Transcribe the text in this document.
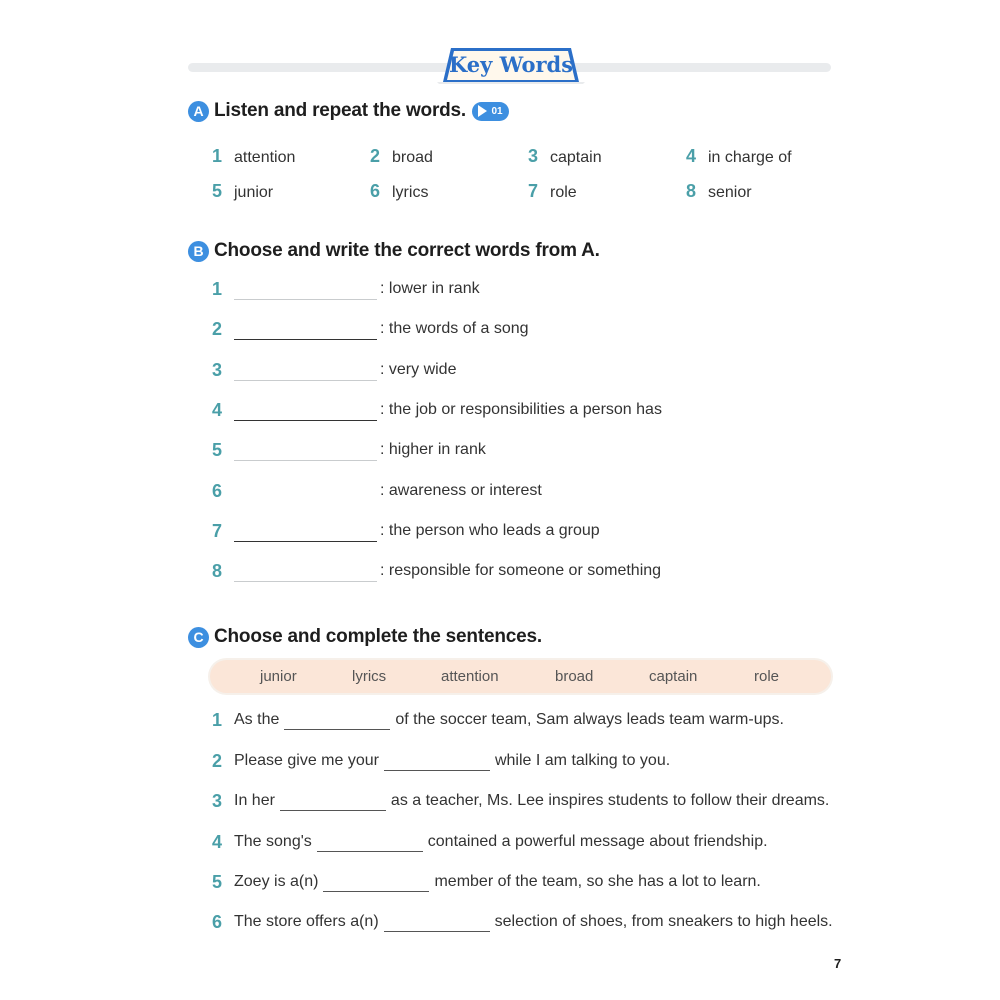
Key Words
A Listen and repeat the words.	01
1 attention	2 broad	3 captain	4 in charge of
5 junior	6 lyrics	7 role	8 senior
B Choose and write the correct words from A.
1	: lower in rank
2	: the words of a song
3	: very wide
4	: the job or responsibilities a person has
5	: higher in rank
6	: awareness or interest
7	: the person who leads a group
8	: responsible for someone or something
C Choose and complete the sentences.
junior	lyrics	attention	broad	captain	role
1 As the	of the soccer team, Sam always leads team warm-ups.
2 Please give me your	while I am talking to you.
3 In her	as a teacher, Ms. Lee inspires students to follow their dreams.
4 The song's	contained a powerful message about friendship.
5 Zoey is a(n)	member of the team, so she has a lot to learn.
6 The store offers a(n)	selection of shoes, from sneakers to high heels.
7
